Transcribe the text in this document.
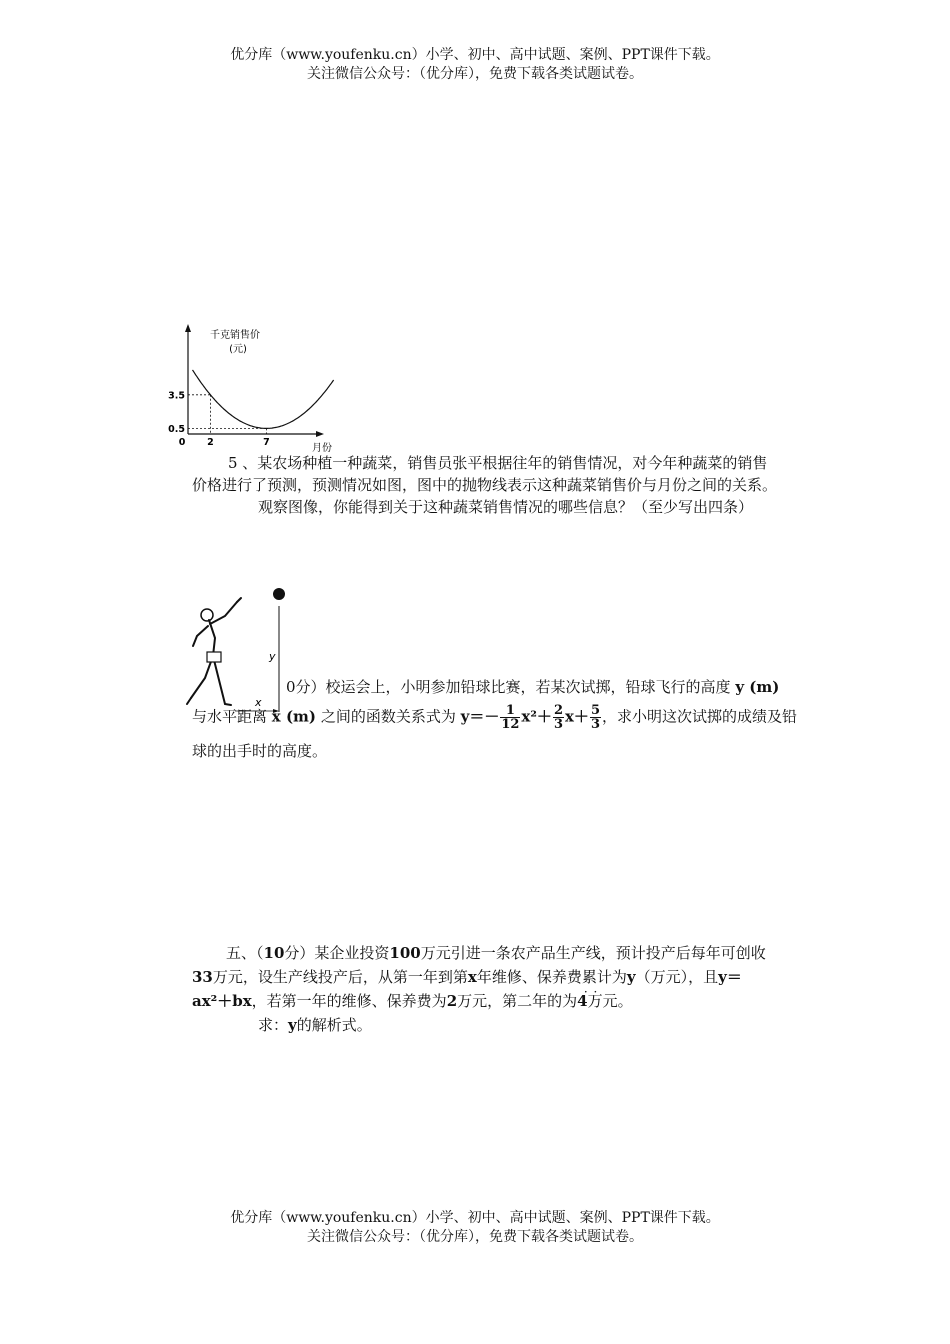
优分库（www.youfenku.cn）小学、初中、高中试题、案例、PPT课件下载。
关注微信公众号：（优分库），免费下载各类试题试卷。
千克销售价
(元)
3.5
0.5
0 2	7
月份
5 、某农场种植一种蔬菜，销售员张平根据往年的销售情况，对今年种蔬菜的销售
价格进行了预测，预测情况如图，图中的抛物线表示这种蔬菜销售价与月份之间的关系。
观察图像，你能得到关于这种蔬菜销售情况的哪些信息？（至少写出四条）
y
x
0分）校运会上，小明参加铅球比赛，若某次试掷，铅球飞行的高度 y (m)
与水平距离 x (m) 之间的函数关系式为 $y=- \frac{1}{12} x^2+ \frac{2}{3} x+ \frac{5}{3}$ ，求小明这次试掷的成绩及铅
球的出手时的高度。
五、（10分）某企业投资100万元引进一条农产品生产线，预计投产后每年可创收
33万元，设生产线投产后，从第一年到第x年维修、保养费累计 · ·为y（万元），且y＝
ax²＋bx，若第一年的维修、保养费为2万元，第二年的为4万元。
求：y的解析式。
优分库（www.youfenku.cn）小学、初中、高中试题、案例、PPT课件下载。
关注微信公众号：（优分库），免费下载各类试题试卷。
